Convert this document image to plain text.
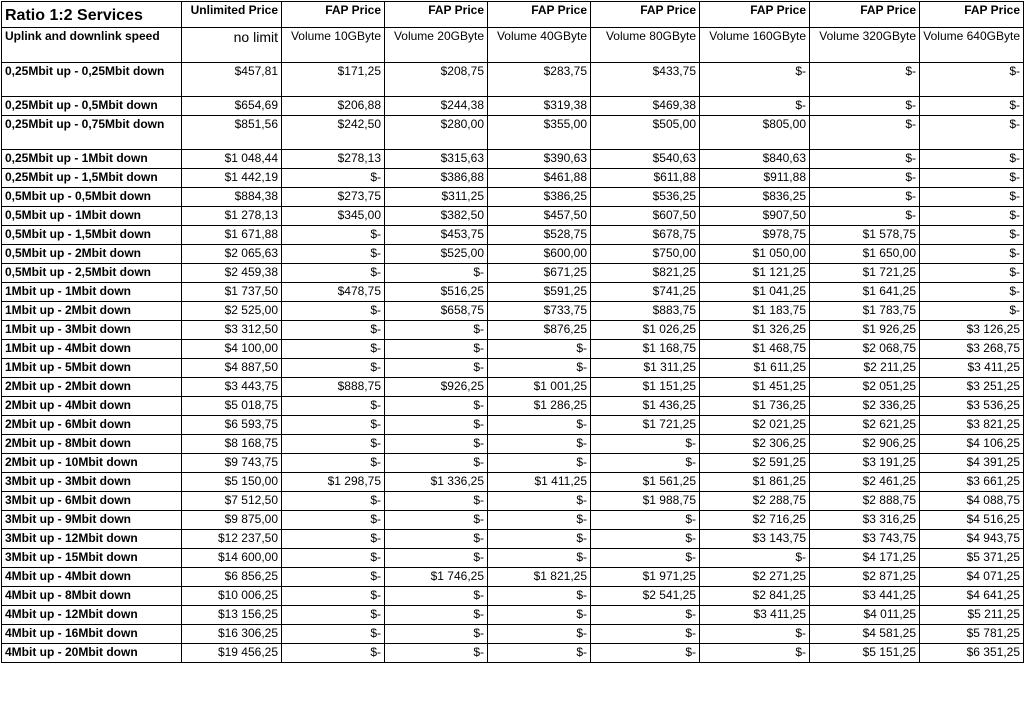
Ratio 1:2 Services	Unlimited Price	FAP Price	FAP Price	FAP Price	FAP Price	FAP Price	FAP Price	FAP Price
Uplink and downlink speed	no limit	Volume 10GByte	Volume 20GByte	Volume 40GByte	Volume 80GByte	Volume 160GByte	Volume 320GByte	Volume 640GByte
0,25Mbit up - 0,25Mbit down	$457,81	$171,25	$208,75	$283,75	$433,75	$-	$-	$-
0,25Mbit up - 0,5Mbit down	$654,69	$206,88	$244,38	$319,38	$469,38	$-	$-	$-
0,25Mbit up - 0,75Mbit down	$851,56	$242,50	$280,00	$355,00	$505,00	$805,00	$-	$-
0,25Mbit up - 1Mbit down	$1 048,44	$278,13	$315,63	$390,63	$540,63	$840,63	$-	$-
0,25Mbit up - 1,5Mbit down	$1 442,19	$-	$386,88	$461,88	$611,88	$911,88	$-	$-
0,5Mbit up - 0,5Mbit down	$884,38	$273,75	$311,25	$386,25	$536,25	$836,25	$-	$-
0,5Mbit up - 1Mbit down	$1 278,13	$345,00	$382,50	$457,50	$607,50	$907,50	$-	$-
0,5Mbit up - 1,5Mbit down	$1 671,88	$-	$453,75	$528,75	$678,75	$978,75	$1 578,75	$-
0,5Mbit up - 2Mbit down	$2 065,63	$-	$525,00	$600,00	$750,00	$1 050,00	$1 650,00	$-
0,5Mbit up - 2,5Mbit down	$2 459,38	$-	$-	$671,25	$821,25	$1 121,25	$1 721,25	$-
1Mbit up - 1Mbit down	$1 737,50	$478,75	$516,25	$591,25	$741,25	$1 041,25	$1 641,25	$-
1Mbit up - 2Mbit down	$2 525,00	$-	$658,75	$733,75	$883,75	$1 183,75	$1 783,75	$-
1Mbit up - 3Mbit down	$3 312,50	$-	$-	$876,25	$1 026,25	$1 326,25	$1 926,25	$3 126,25
1Mbit up - 4Mbit down	$4 100,00	$-	$-	$-	$1 168,75	$1 468,75	$2 068,75	$3 268,75
1Mbit up - 5Mbit down	$4 887,50	$-	$-	$-	$1 311,25	$1 611,25	$2 211,25	$3 411,25
2Mbit up - 2Mbit down	$3 443,75	$888,75	$926,25	$1 001,25	$1 151,25	$1 451,25	$2 051,25	$3 251,25
2Mbit up - 4Mbit down	$5 018,75	$-	$-	$1 286,25	$1 436,25	$1 736,25	$2 336,25	$3 536,25
2Mbit up - 6Mbit down	$6 593,75	$-	$-	$-	$1 721,25	$2 021,25	$2 621,25	$3 821,25
2Mbit up - 8Mbit down	$8 168,75	$-	$-	$-	$-	$2 306,25	$2 906,25	$4 106,25
2Mbit up - 10Mbit down	$9 743,75	$-	$-	$-	$-	$2 591,25	$3 191,25	$4 391,25
3Mbit up - 3Mbit down	$5 150,00	$1 298,75	$1 336,25	$1 411,25	$1 561,25	$1 861,25	$2 461,25	$3 661,25
3Mbit up - 6Mbit down	$7 512,50	$-	$-	$-	$1 988,75	$2 288,75	$2 888,75	$4 088,75
3Mbit up - 9Mbit down	$9 875,00	$-	$-	$-	$-	$2 716,25	$3 316,25	$4 516,25
3Mbit up - 12Mbit down	$12 237,50	$-	$-	$-	$-	$3 143,75	$3 743,75	$4 943,75
3Mbit up - 15Mbit down	$14 600,00	$-	$-	$-	$-	$-	$4 171,25	$5 371,25
4Mbit up - 4Mbit down	$6 856,25	$-	$1 746,25	$1 821,25	$1 971,25	$2 271,25	$2 871,25	$4 071,25
4Mbit up - 8Mbit down	$10 006,25	$-	$-	$-	$2 541,25	$2 841,25	$3 441,25	$4 641,25
4Mbit up - 12Mbit down	$13 156,25	$-	$-	$-	$-	$3 411,25	$4 011,25	$5 211,25
4Mbit up - 16Mbit down	$16 306,25	$-	$-	$-	$-	$-	$4 581,25	$5 781,25
4Mbit up - 20Mbit down	$19 456,25	$-	$-	$-	$-	$-	$5 151,25	$6 351,25
